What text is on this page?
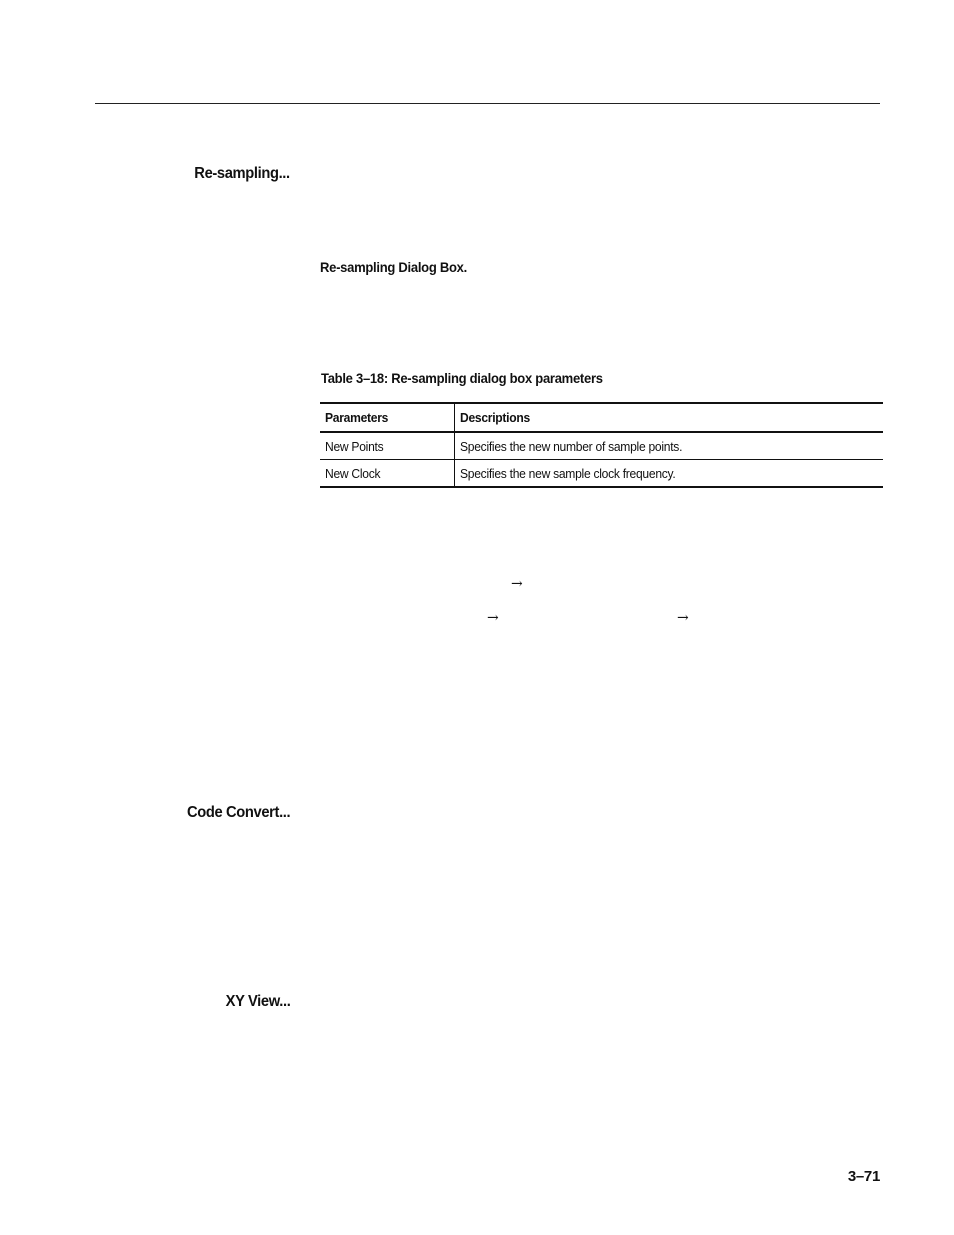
Re-sampling...
Re-sampling Dialog Box.
Table 3–18: Re-sampling dialog box parameters
Parameters	Descriptions
New Points	Specifies the new number of sample points.
New Clock	Specifies the new sample clock frequency.
→
→	→
Code Convert...
XY View...
3–71
